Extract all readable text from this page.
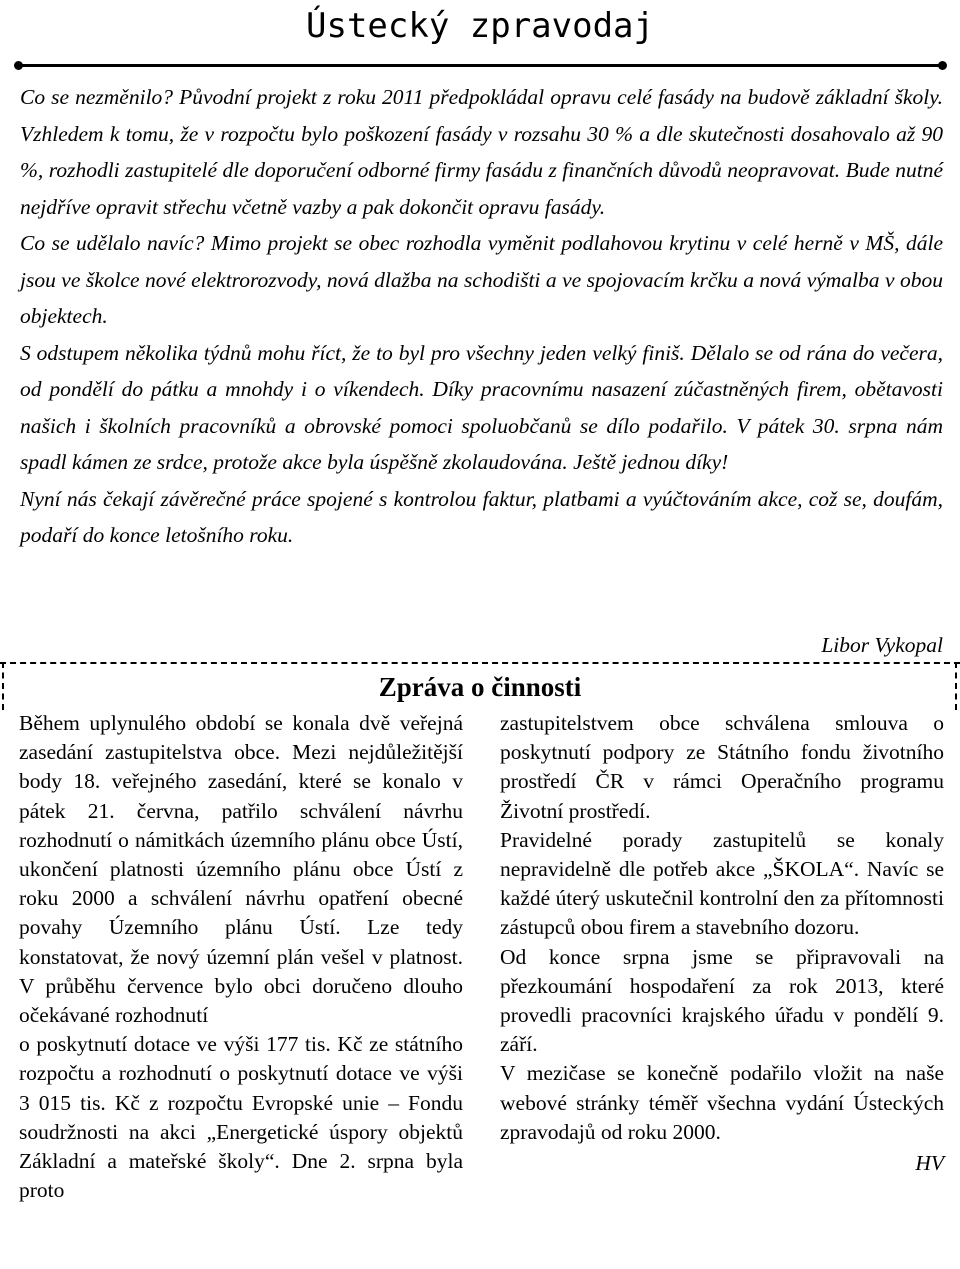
Ústecký zpravodaj

Co se nezměnilo? Původní projekt z roku 2011 předpokládal opravu celé fasády na budově základní školy. Vzhledem k tomu, že v rozpočtu bylo poškození fasády v rozsahu 30 % a dle skutečnosti dosahovalo až 90 %, rozhodli zastupitelé dle doporučení odborné firmy fasádu z finančních důvodů neopravovat. Bude nutné nejdříve opravit střechu včetně vazby a pak dokončit opravu fasády.

Co se udělalo navíc? Mimo projekt se obec rozhodla vyměnit podlahovou krytinu v celé herně v MŠ, dále jsou ve školce nové elektrorozvody, nová dlažba na schodišti a ve spojovacím krčku a nová výmalba v obou objektech.

S odstupem několika týdnů mohu říct, že to byl pro všechny jeden velký finiš. Dělalo se od rána do večera, od pondělí do pátku a mnohdy i o víkendech. Díky pracovnímu nasazení zúčastněných firem, obětavosti našich i školních pracovníků a obrovské pomoci spoluobčanů se dílo podařilo. V pátek 30. srpna nám spadl kámen ze srdce, protože akce byla úspěšně zkolaudována. Ještě jednou díky!

Nyní nás čekají závěrečné práce spojené s kontrolou faktur, platbami a vyúčtováním akce, což se, doufám, podaří do konce letošního roku.

Libor Vykopal
Zpráva o činnosti

Během uplynulého období se konala dvě veřejná zasedání zastupitelstva obce. Mezi nejdůležitější body 18. veřejného zasedání, které se konalo v pátek 21. června, patřilo schválení návrhu rozhodnutí o námitkách územního plánu obce Ústí, ukončení platnosti územního plánu obce Ústí z roku 2000 a schválení návrhu opatření obecné povahy Územního plánu Ústí. Lze tedy konstatovat, že nový územní plán vešel v platnost. V průběhu července bylo obci doručeno dlouho očekávané rozhodnutí

o poskytnutí dotace ve výši 177 tis. Kč ze státního rozpočtu a rozhodnutí o poskytnutí dotace ve výši 3 015 tis. Kč z rozpočtu Evropské unie – Fondu soudržnosti na akci „Energetické úspory objektů Základní a mateřské školy“. Dne 2. srpna byla proto

zastupitelstvem obce schválena smlouva o poskytnutí podpory ze Státního fondu životního prostředí ČR v rámci Operačního programu Životní prostředí.

Pravidelné porady zastupitelů se konaly nepravidelně dle potřeb akce „ŠKOLA“. Navíc se každé úterý uskutečnil kontrolní den za přítomnosti zástupců obou firem a stavebního dozoru.

Od konce srpna jsme se připravovali na přezkoumání hospodaření za rok 2013, které provedli pracovníci krajského úřadu v pondělí 9. září.

V mezičase se konečně podařilo vložit na naše webové stránky téměř všechna vydání Ústeckých zpravodajů od roku 2000.

HV
